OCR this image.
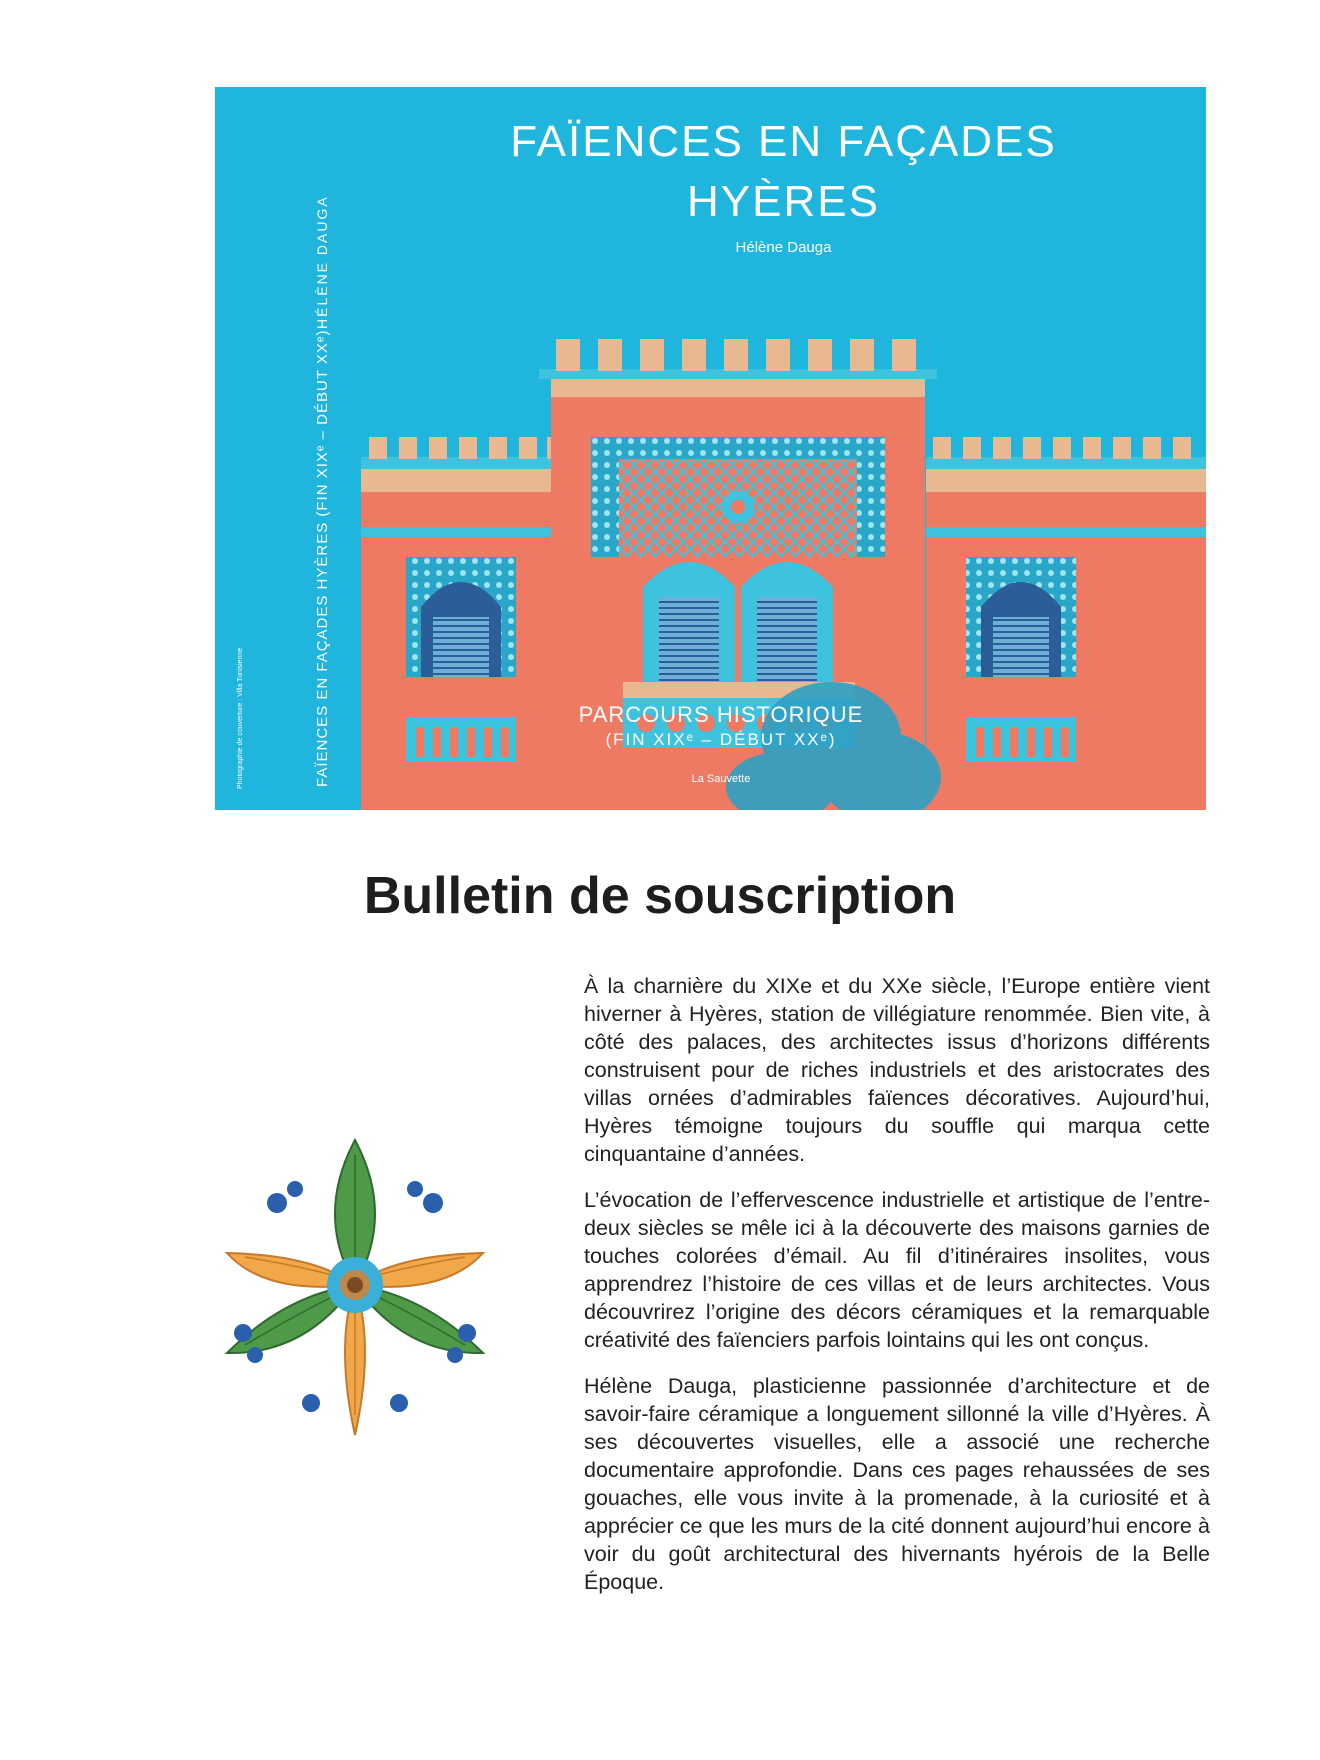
HÉLÈNE DAUGA
FAÏENCES EN FAÇADES HYÈRES (FIN XIXᵉ – DÉBUT XXᵉ)
Photographie de couverture : Villa Tunisienne
FAÏENCES EN FAÇADES
HYÈRES
Hélène Dauga
PARCOURS HISTORIQUE
(FIN XIXᵉ – DÉBUT XXᵉ)
La Sauvette
Bulletin de souscription

À la charnière du XIXe et du XXe siècle, l’Europe entière vient hiverner à Hyères, station de villégiature renommée. Bien vite, à côté des palaces, des architectes issus d’horizons différents construisent pour de riches industriels et des aristocrates des villas ornées d’admirables faïences décoratives. Aujourd’hui, Hyères témoigne toujours du souffle qui marqua cette cinquantaine d’années.

L’évocation de l’effervescence industrielle et artistique de l’entre-deux siècles se mêle ici à la découverte des maisons garnies de touches colorées d’émail. Au fil d’itinéraires insolites, vous apprendrez l’histoire de ces villas et de leurs architectes. Vous découvrirez l’origine des décors céramiques et la remarquable créativité des faïenciers parfois lointains qui les ont conçus.

Hélène Dauga, plasticienne passionnée d’architecture et de savoir-faire céramique a longuement sillonné la ville d’Hyères. À ses découvertes visuelles, elle a associé une recherche documentaire approfondie. Dans ces pages rehaussées de ses gouaches, elle vous invite à la promenade, à la curiosité et à apprécier ce que les murs de la cité donnent aujourd’hui encore à voir du goût architectural des hivernants hyérois de la Belle Époque.
